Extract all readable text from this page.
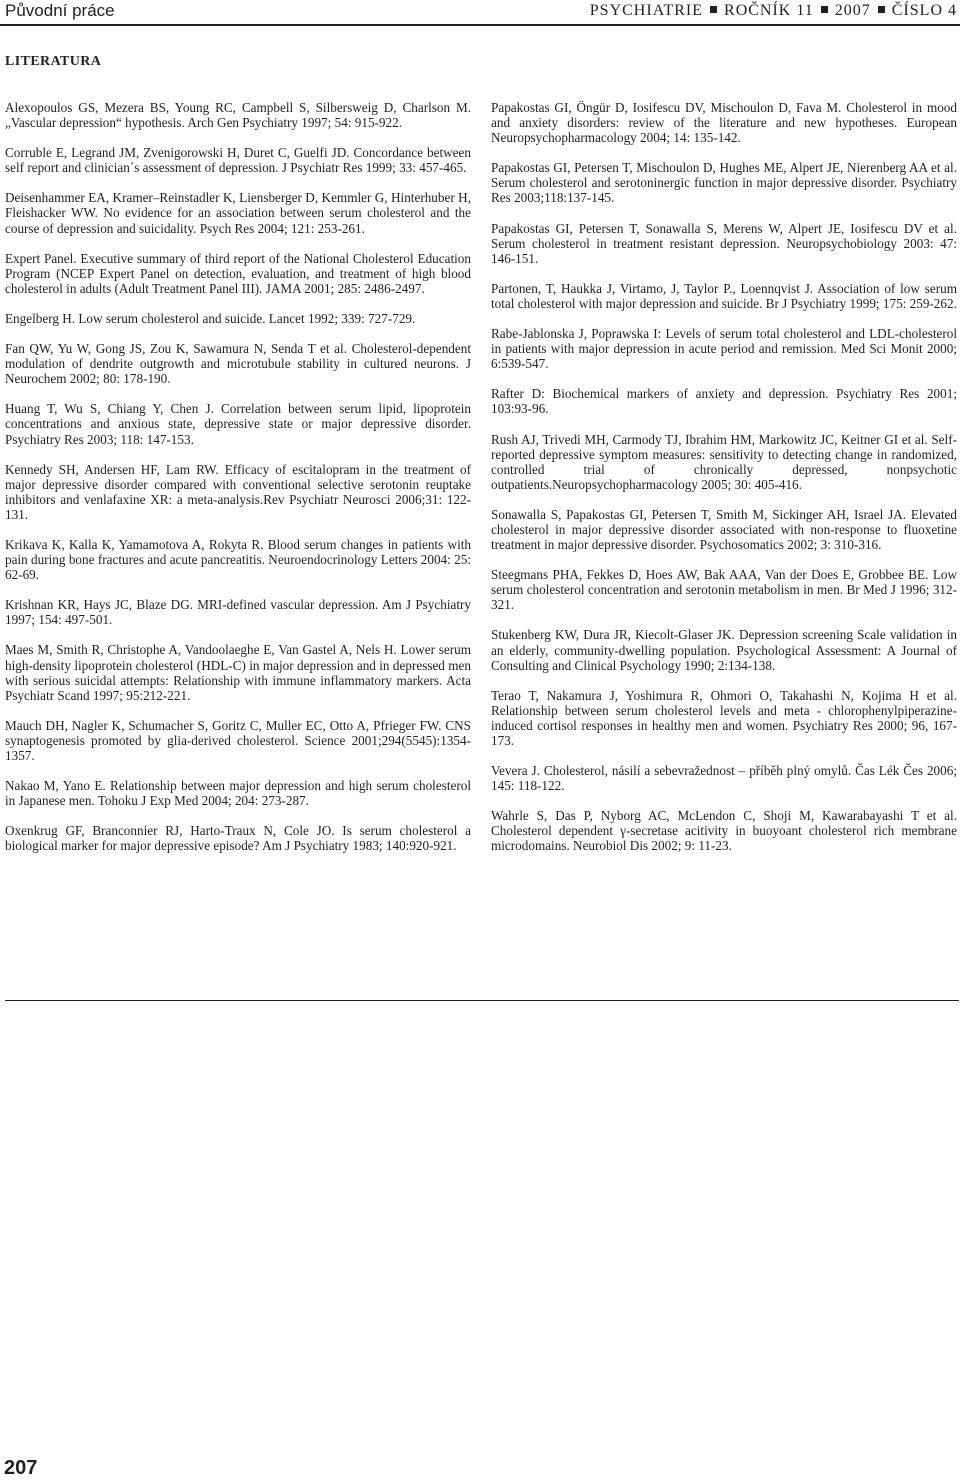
Původní práce	PSYCHIATRIE ROČNÍK 11 2007 ČÍSLO 4
LITERATURA

Alexopoulos GS, Mezera BS, Young RC, Campbell S, Silbersweig D, Charlson M. „Vascular depression“ hypothesis. Arch Gen Psychiatry 1997; 54: 915-922.

Corruble E, Legrand JM, Zvenigorowski H, Duret C, Guelfi JD. Concordance between self report and clinician´s assessment of depression. J Psychiatr Res 1999; 33: 457-465.

Deisenhammer EA, Kramer–Reinstadler K, Liensberger D, Kemmler G, Hinterhuber H, Fleishacker WW. No evidence for an association between serum cholesterol and the course of depression and suicidality. Psych Res 2004; 121: 253-261.

Expert Panel. Executive summary of third report of the National Cholesterol Education Program (NCEP Expert Panel on detection, evaluation, and treatment of high blood cholesterol in adults (Adult Treatment Panel III). JAMA 2001; 285: 2486-2497.

Engelberg H. Low serum cholesterol and suicide. Lancet 1992; 339: 727-729.

Fan QW, Yu W, Gong JS, Zou K, Sawamura N, Senda T et al. Cholesterol-dependent modulation of dendrite outgrowth and microtubule stability in cultured neurons. J Neurochem 2002; 80: 178-190.

Huang T, Wu S, Chiang Y, Chen J. Correlation between serum lipid, lipoprotein concentrations and anxious state, depressive state or major depressive disorder. Psychiatry Res 2003; 118: 147-153.

Kennedy SH, Andersen HF, Lam RW. Efficacy of escitalopram in the treatment of major depressive disorder compared with conventional selective serotonin reuptake inhibitors and venlafaxine XR: a meta-analysis.Rev Psychiatr Neurosci 2006;31: 122-131.

Krikava K, Kalla K, Yamamotova A, Rokyta R. Blood serum changes in patients with pain during bone fractures and acute pancreatitis. Neuroendocrinology Letters 2004: 25: 62-69.

Krishnan KR, Hays JC, Blaze DG. MRI-defined vascular depression. Am J Psychiatry 1997; 154: 497-501.

Maes M, Smith R, Christophe A, Vandoolaeghe E, Van Gastel A, Nels H. Lower serum high-density lipoprotein cholesterol (HDL-C) in major depression and in depressed men with serious suicidal attempts: Relationship with immune inflammatory markers. Acta Psychiatr Scand 1997; 95:212-221.

Mauch DH, Nagler K, Schumacher S, Goritz C, Muller EC, Otto A, Pfrieger FW. CNS synaptogenesis promoted by glia-derived cholesterol. Science 2001;294(5545):1354-1357.

Nakao M, Yano E. Relationship between major depression and high serum cholesterol in Japanese men. Tohoku J Exp Med 2004; 204: 273-287.

Oxenkrug GF, Branconnier RJ, Harto-Traux N, Cole JO. Is serum cholesterol a biological marker for major depressive episode? Am J Psychiatry 1983; 140:920-921.

Papakostas GI, Öngür D, Iosifescu DV, Mischoulon D, Fava M. Cholesterol in mood and anxiety disorders: review of the literature and new hypotheses. European Neuropsychopharmacology 2004; 14: 135-142.

Papakostas GI, Petersen T, Mischoulon D, Hughes ME, Alpert JE, Nierenberg AA et al. Serum cholesterol and serotoninergic function in major depressive disorder. Psychiatry Res 2003;118:137-145.

Papakostas GI, Petersen T, Sonawalla S, Merens W, Alpert JE, Iosifescu DV et al. Serum cholesterol in treatment resistant depression. Neuropsychobiology 2003: 47: 146-151.

Partonen, T, Haukka J, Virtamo, J, Taylor P., Loennqvist J. Association of low serum total cholesterol with major depression and suicide. Br J Psychiatry 1999; 175: 259-262.

Rabe-Jablonska J, Poprawska I: Levels of serum total cholesterol and LDL-cholesterol in patients with major depression in acute period and remission. Med Sci Monit 2000; 6:539-547.

Rafter D: Biochemical markers of anxiety and depression. Psychiatry Res 2001; 103:93-96.

Rush AJ, Trivedi MH, Carmody TJ, Ibrahim HM, Markowitz JC, Keitner GI et al. Self-reported depressive symptom measures: sensitivity to detecting change in randomized, controlled trial of chronically depressed, nonpsychotic outpatients.Neuropsychopharmacology 2005; 30: 405-416.

Sonawalla S, Papakostas GI, Petersen T, Smith M, Sickinger AH, Israel JA. Elevated cholesterol in major depressive disorder associated with non-response to fluoxetine treatment in major depressive disorder. Psychosomatics 2002; 3: 310-316.

Steegmans PHA, Fekkes D, Hoes AW, Bak AAA, Van der Does E, Grobbee BE. Low serum cholesterol concentration and serotonin metabolism in men. Br Med J 1996; 312-321.

Stukenberg KW, Dura JR, Kiecolt-Glaser JK. Depression screening Scale validation in an elderly, community-dwelling population. Psychological Assessment: A Journal of Consulting and Clinical Psychology 1990; 2:134-138.

Terao T, Nakamura J, Yoshimura R, Ohmori O, Takahashi N, Kojima H et al. Relationship between serum cholesterol levels and meta - chlorophenylpiperazine-induced cortisol responses in healthy men and women. Psychiatry Res 2000; 96, 167-173.

Vevera J. Cholesterol, násilí a sebevražednost – příběh plný omylů. Čas Lék Čes 2006; 145: 118-122.

Wahrle S, Das P, Nyborg AC, McLendon C, Shoji M, Kawarabayashi T et al. Cholesterol dependent γ-secretase acitivity in buoyoant cholesterol rich membrane microdomains. Neurobiol Dis 2002; 9: 11-23.

207
